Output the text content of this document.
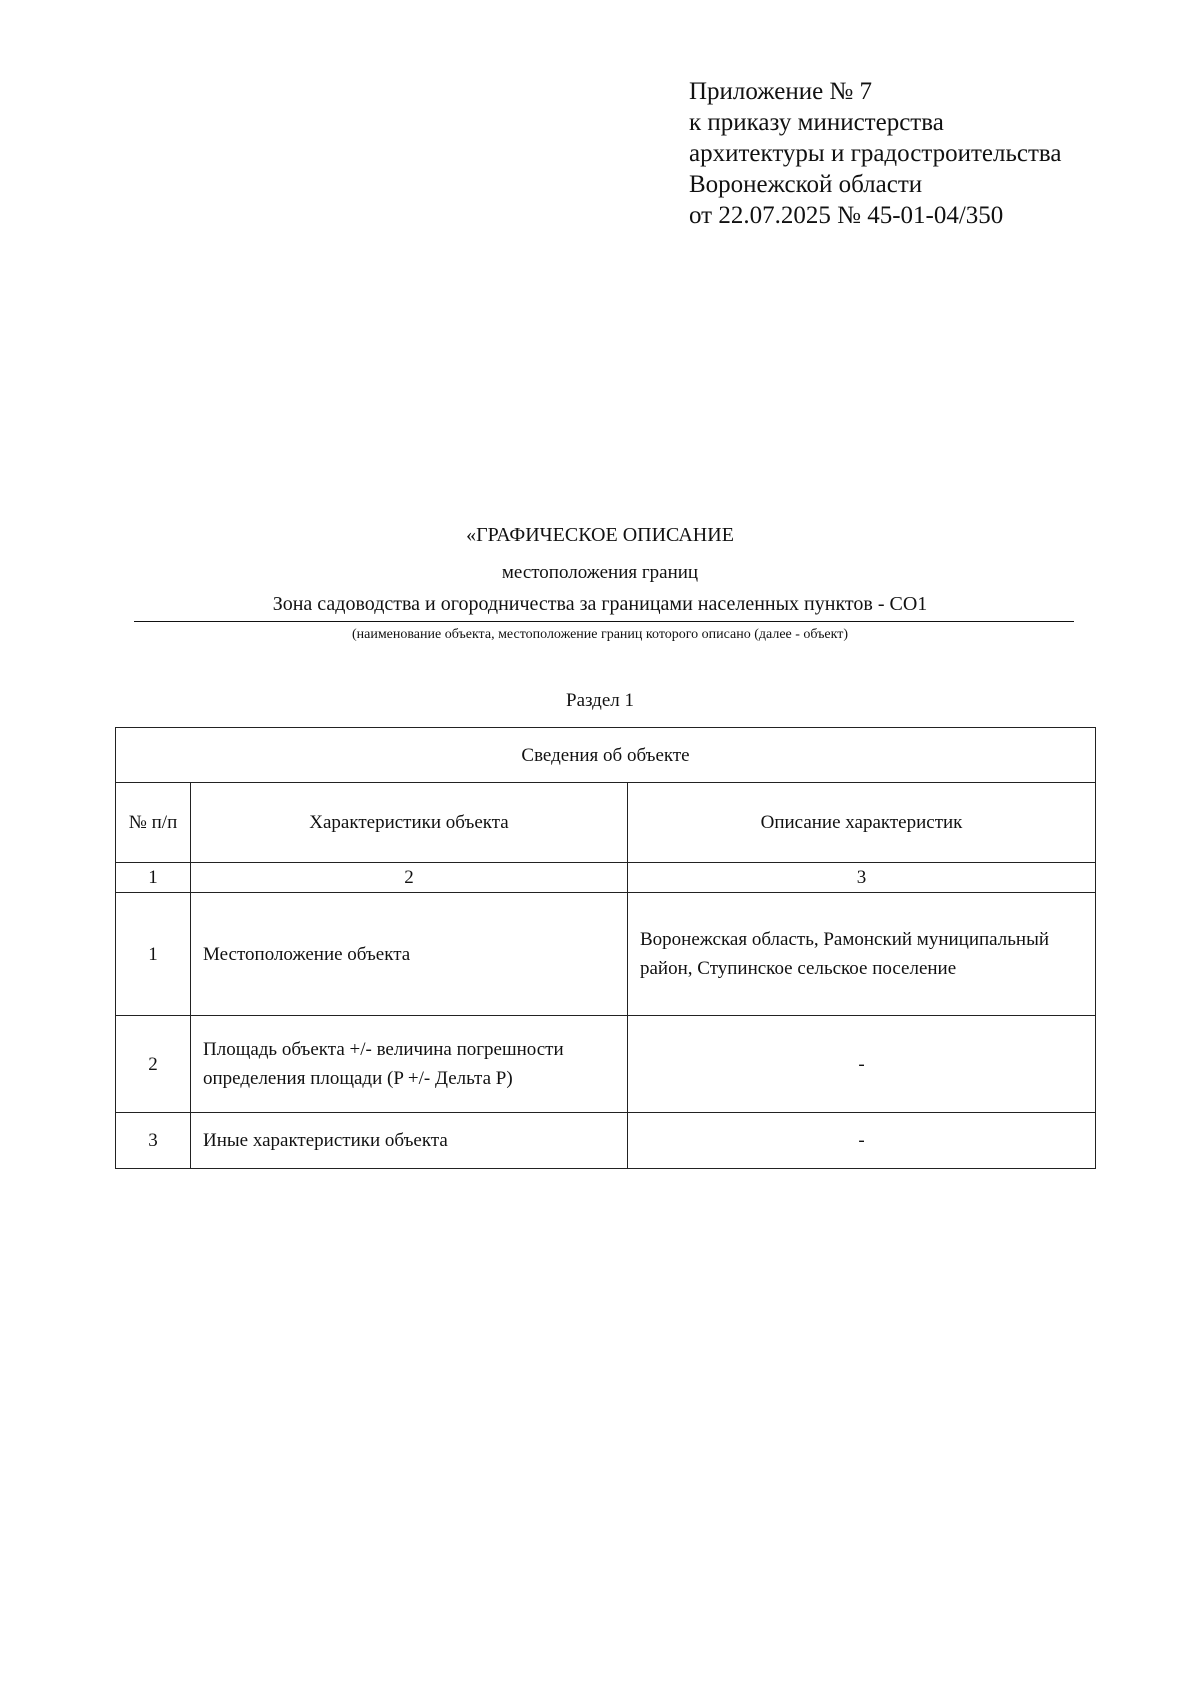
Приложение № 7
к приказу министерства
архитектуры и градостроительства
Воронежской области
от 22.07.2025 № 45-01-04/350
«ГРАФИЧЕСКОЕ ОПИСАНИЕ
местоположения границ
Зона садоводства и огородничества за границами населенных пунктов - СО1
(наименование объекта, местоположение границ которого описано (далее - объект)
Раздел 1
Сведения об объекте		
№ п/п	Характеристики объекта	Описание характеристик
1	2	3
1	Местоположение объекта	Воронежская область, Рамонский муниципальный район, Ступинское сельское поселение
2	Площадь объекта +/- величина погрешности определения площади (P +/- Дельта P)	-
3	Иные характеристики объекта	-
